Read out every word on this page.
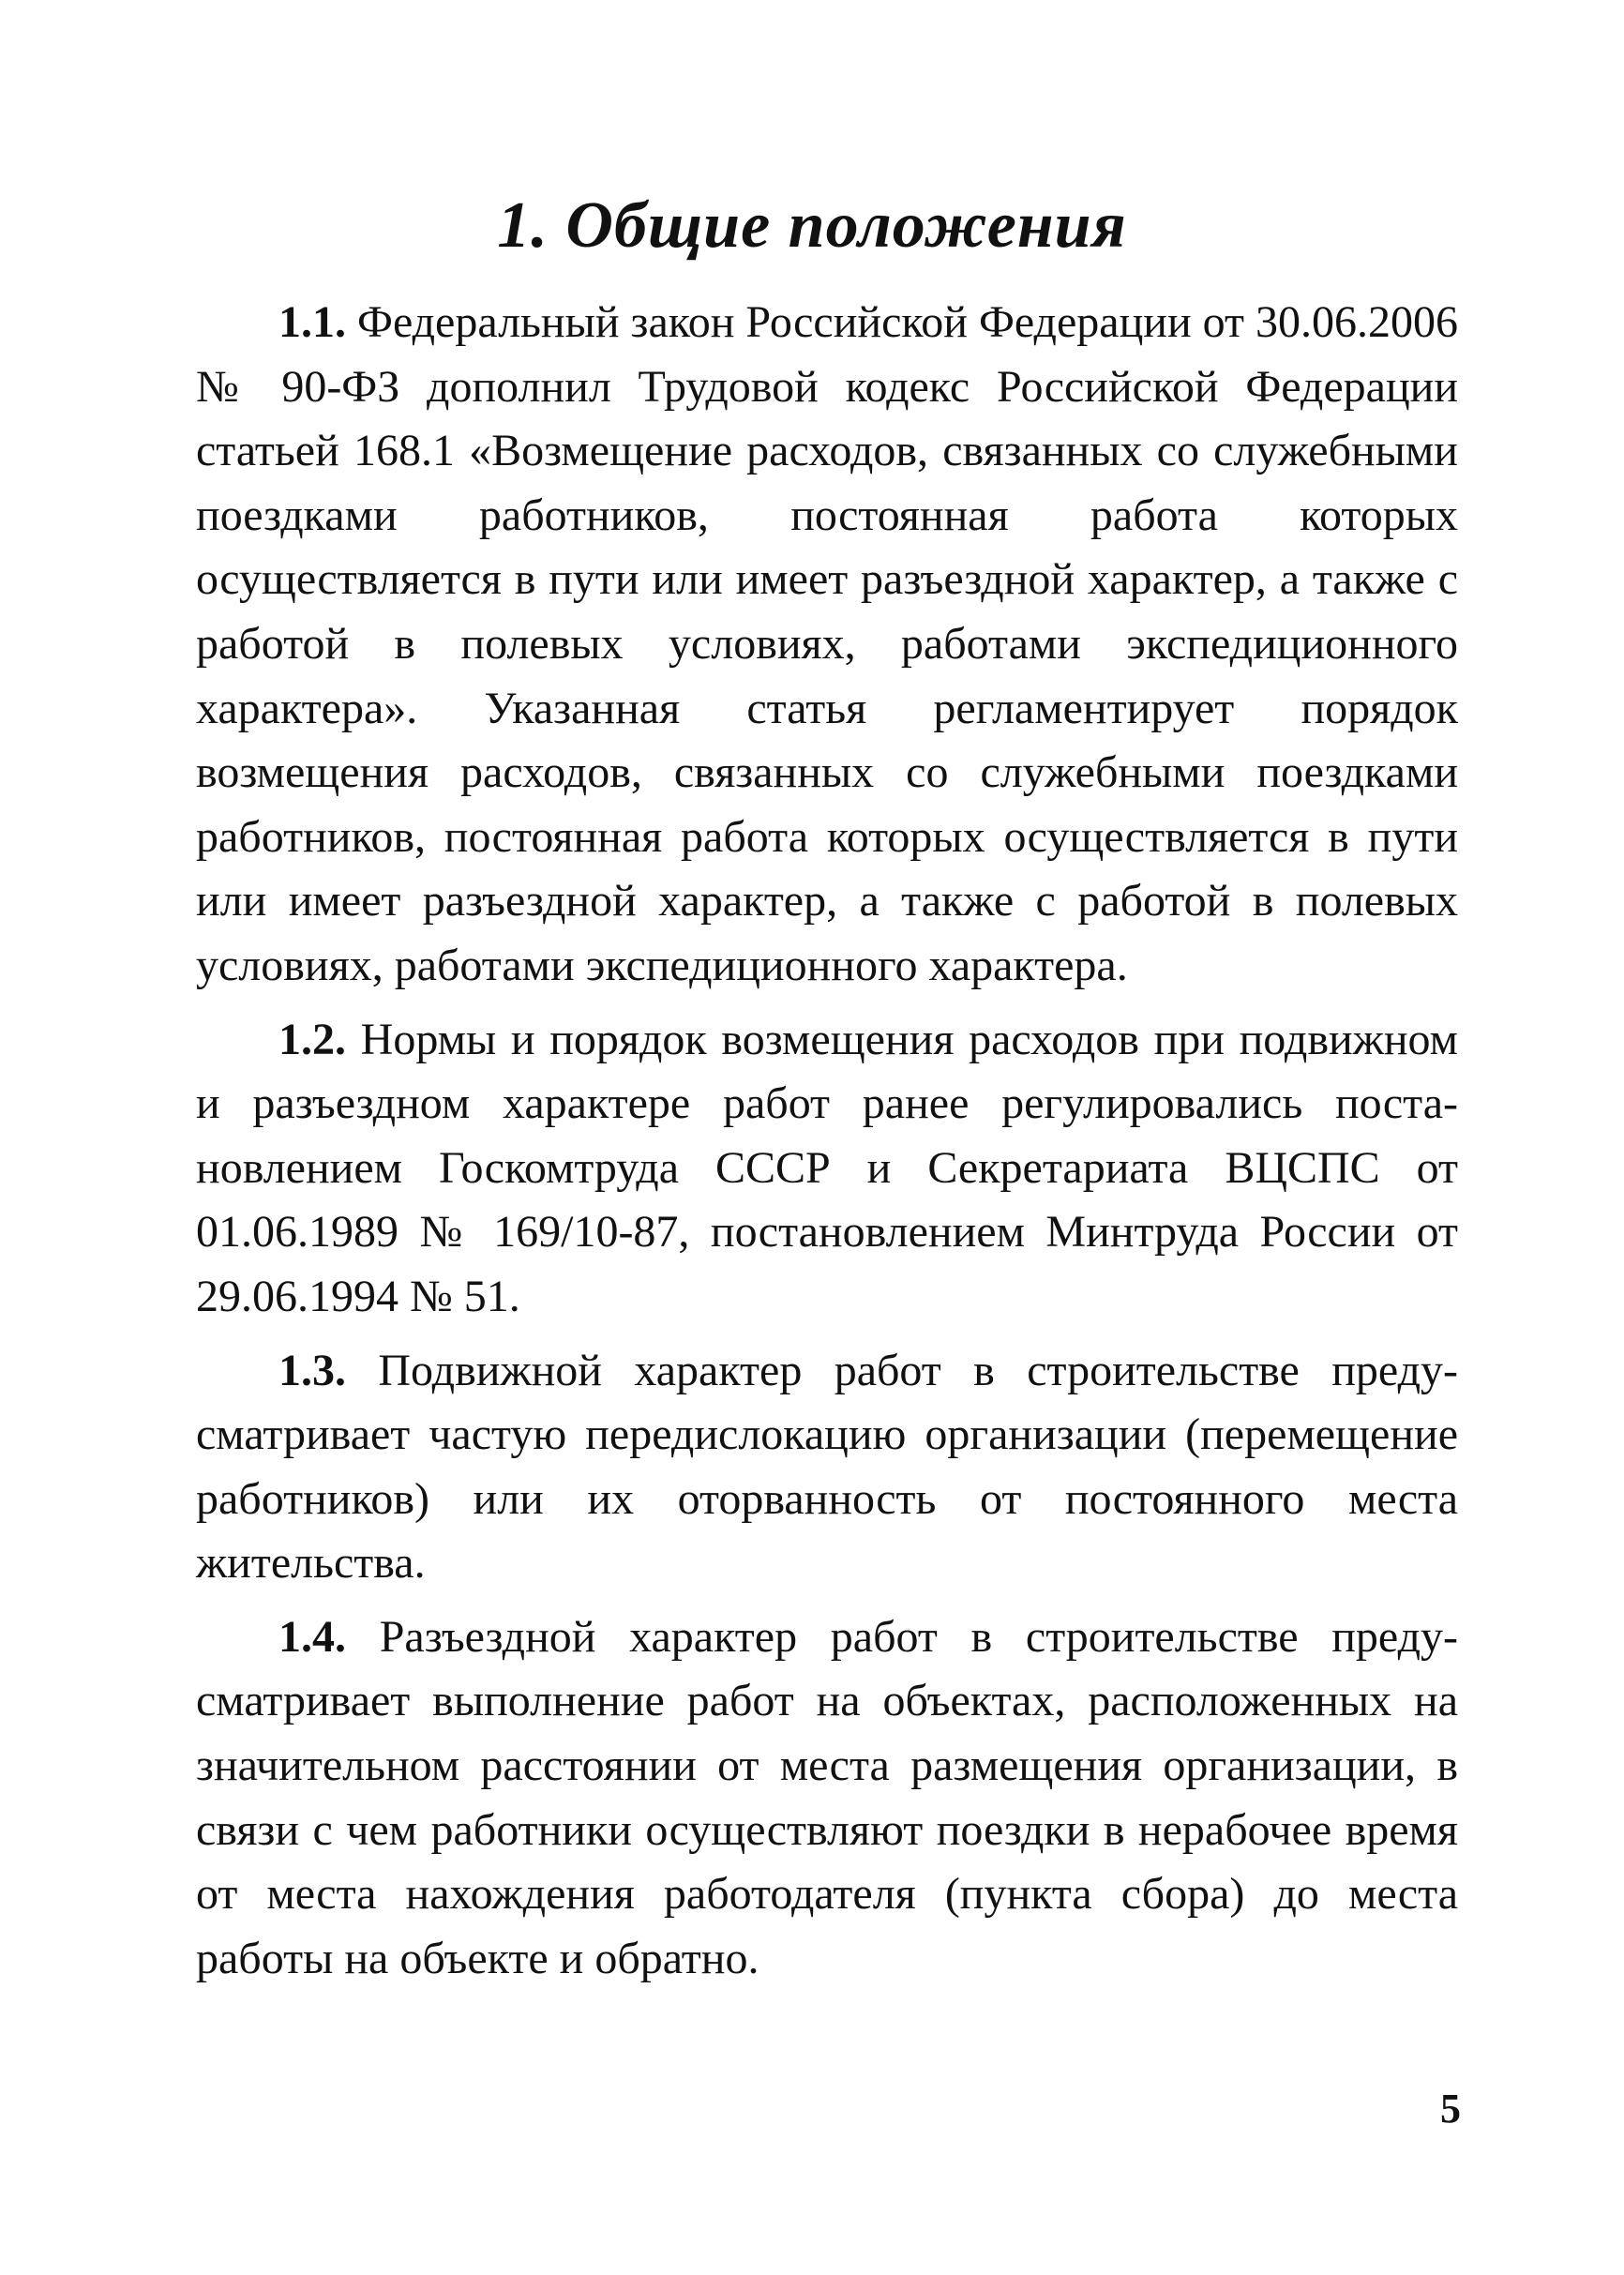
1. Общие положения

1.1. Федеральный закон Российской Федерации от 30.06.2006 № 90-ФЗ дополнил Трудовой кодекс Российской Федерации статьей 168.1 «Возмещение расходов, связанных со служебными поездками работников, постоянная работа которых осуществляется в пути или имеет разъездной характер, а также с работой в полевых условиях, работами экспедиционного характера». Указанная статья регламентирует порядок возмещения расходов, связанных со служебными поездками работников, постоянная работа которых осуществляется в пути или имеет разъездной характер, а также с работой в полевых условиях, работами экспедиционного характера.

1.2. Нормы и порядок возмещения расходов при подвижном и разъездном характере работ ранее регулировались постановлением Госкомтруда СССР и Секретариата ВЦСПС от 01.06.1989 № 169/10-87, постановлением Минтруда России от 29.06.1994 № 51.

1.3. Подвижной характер работ в строительстве предусматривает частую передислокацию организации (перемещение работников) или их оторванность от постоянного места жительства.

1.4. Разъездной характер работ в строительстве предусматривает выполнение работ на объектах, расположенных на значительном расстоянии от места размещения организации, в связи с чем работники осуществляют поездки в нерабочее время от места нахождения работодателя (пункта сбора) до места работы на объекте и обратно.

5
